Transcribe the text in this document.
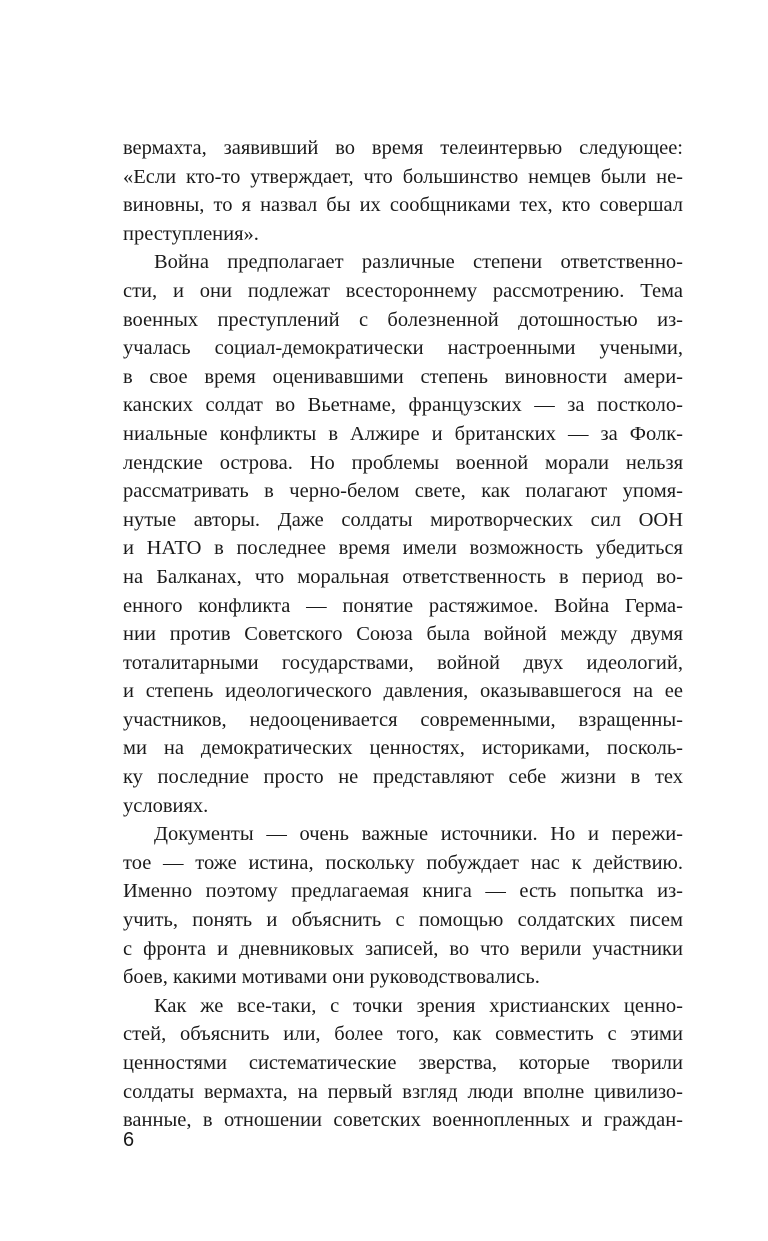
вермахта, заявивший во время телеинтервью следующее:
«Если кто-то утверждает, что большинство немцев были не-
виновны, то я назвал бы их сообщниками тех, кто совершал
преступления».
Война предполагает различные степени ответственно-
сти, и они подлежат всестороннему рассмотрению. Тема
военных преступлений с болезненной дотошностью из-
учалась социал-демократически настроенными учеными,
в свое время оценивавшими степень виновности амери-
канских солдат во Вьетнаме, французских — за постколо-
ниальные конфликты в Алжире и британских — за Фолк-
лендские острова. Но проблемы военной морали нельзя
рассматривать в черно-белом свете, как полагают упомя-
нутые авторы. Даже солдаты миротворческих сил ООН
и НАТО в последнее время имели возможность убедиться
на Балканах, что моральная ответственность в период во-
енного конфликта — понятие растяжимое. Война Герма-
нии против Советского Союза была войной между двумя
тоталитарными государствами, войной двух идеологий,
и степень идеологического давления, оказывавшегося на ее
участников, недооценивается современными, взращенны-
ми на демократических ценностях, историками, посколь-
ку последние просто не представляют себе жизни в тех
условиях.
Документы — очень важные источники. Но и пережи-
тое — тоже истина, поскольку побуждает нас к действию.
Именно поэтому предлагаемая книга — есть попытка из-
учить, понять и объяснить с помощью солдатских писем
с фронта и дневниковых записей, во что верили участники
боев, какими мотивами они руководствовались.
Как же все-таки, с точки зрения христианских ценно-
стей, объяснить или, более того, как совместить с этими
ценностями систематические зверства, которые творили
солдаты вермахта, на первый взгляд люди вполне цивилизо-
ванные, в отношении советских военнопленных и граждан-
6
